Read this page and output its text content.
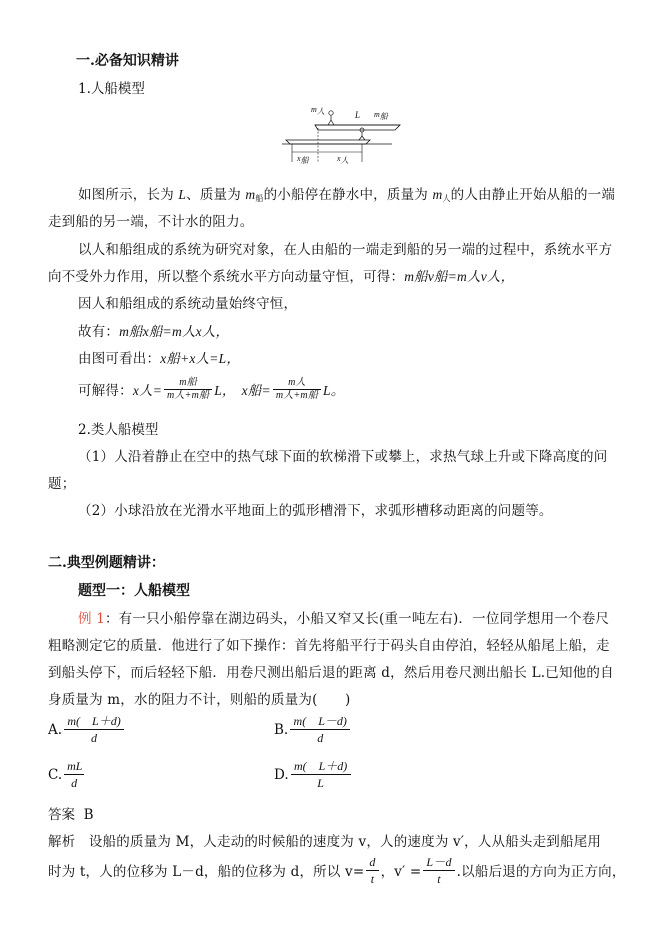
一.必备知识精讲
1.人船模型
m人	L m船
x船	x人
如图所示，长为 L、质量为 $m_船$的小船停在静水中，质量为 $m_人$的人由静止开始从船的一端
走到船的另一端，不计水的阻力。
以人和船组成的系统为研究对象，在人由船的一端走到船的另一端的过程中，系统水平方
向不受外力作用，所以整个系统水平方向动量守恒，可得：m船v船=m人v人，
因人和船组成的系统动量始终守恒，
故有：m船x船=m人x人，
由图可看出：x船+x人=L，
可解得： x人= $\frac{\text{m船}}{\text{m人+m船}}$ L， x船= $\frac{\text{m人}}{\text{m人+m船}}$ L。
2.类人船模型
（1）人沿着静止在空中的热气球下面的软梯滑下或攀上，求热气球上升或下降高度的问
题；
（2）小球沿放在光滑水平地面上的弧形槽滑下，求弧形槽移动距离的问题等。
二.典型例题精讲：
题型一：人船模型
例 1：有一只小船停靠在湖边码头，小船又窄又长(重一吨左右)．一位同学想用一个卷尺
粗略测定它的质量．他进行了如下操作：首先将船平行于码头自由停泊，轻轻从船尾上船，走
到船头停下，而后轻轻下船．用卷尺测出船后退的距离 d，然后用卷尺测出船长 L.已知他的自
身质量为 m，水的阻力不计，则船的质量为(　　)
A. $\frac{m( L+d)}{d}$	B. $\frac{m( L-d)}{d}$
C. $\frac{mL}{d}$	D. $\frac{m( L+d)}{L}$
答案 B
解析 设船的质量为 M，人走动的时候船的速度为 v，人的速度为 v′，人从船头走到船尾用
时为 t，人的位移为 L－d，船的位移为 d，所以 $v= \frac{d}{t}$ ，$v' = \frac{L-d}{t}$ .以船后退的方向为正方向，
